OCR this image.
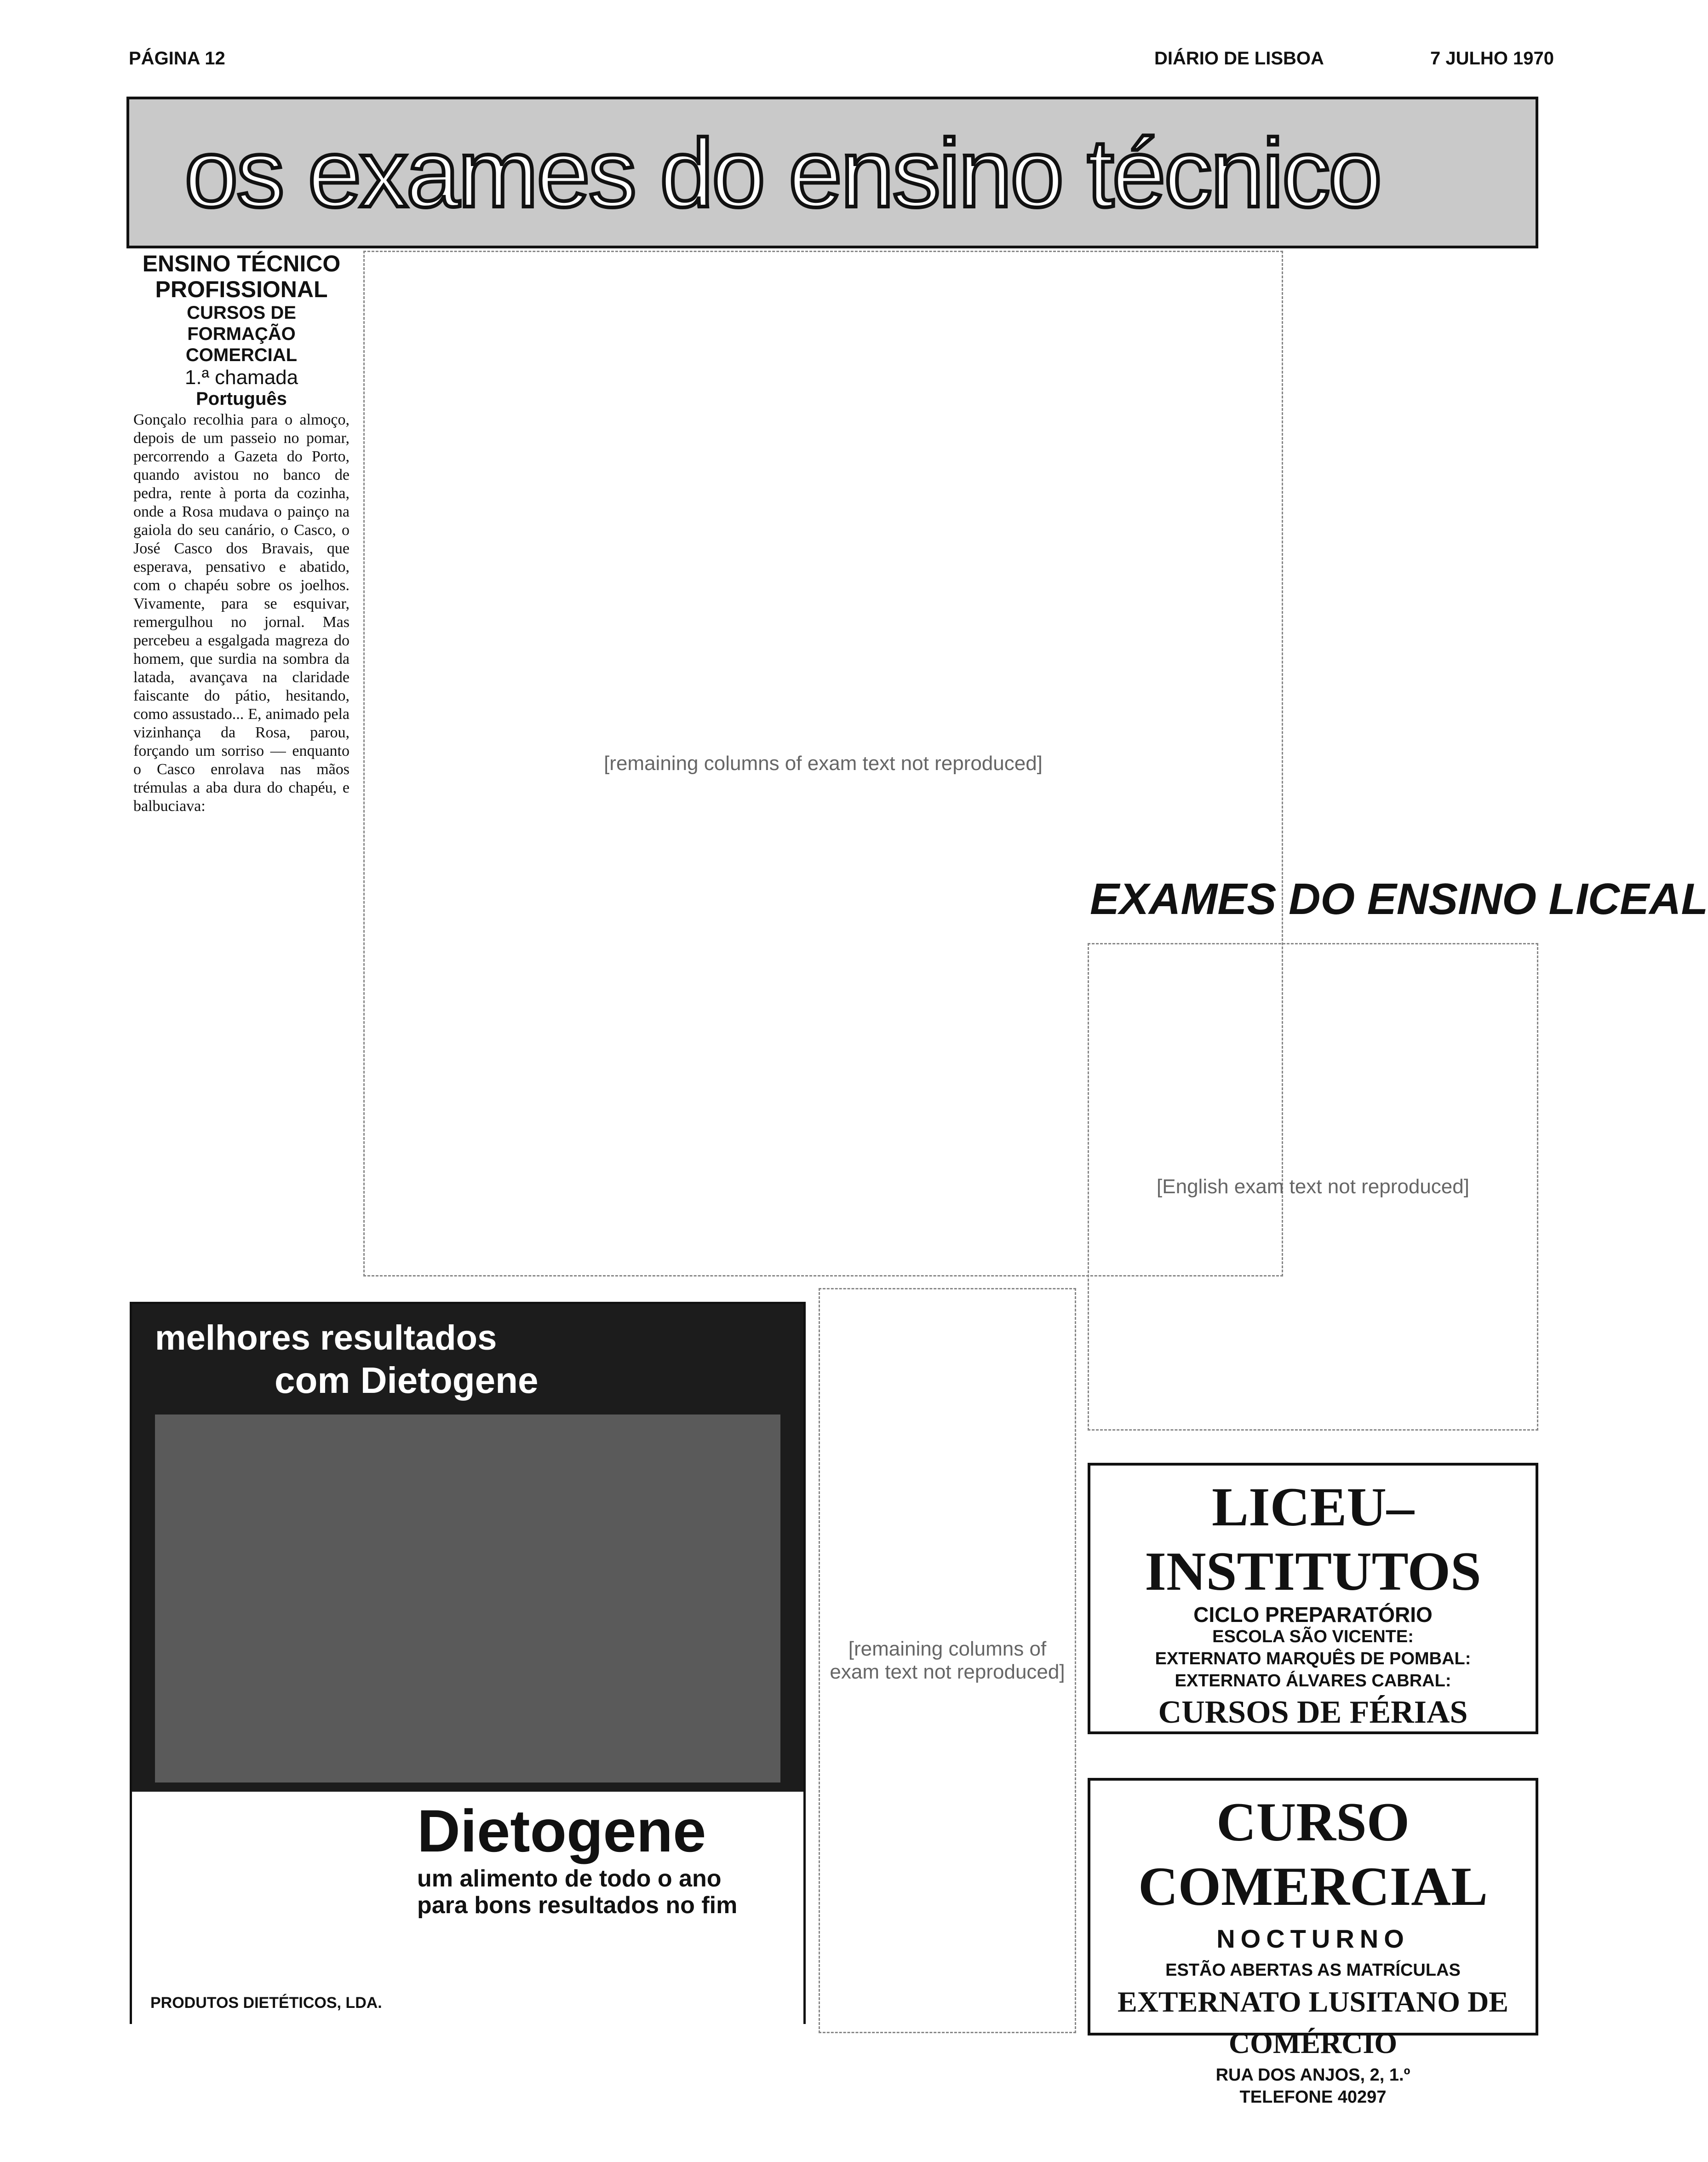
PÁGINA 12	DIÁRIO DE LISBOA	7 JULHO 1970
os exames do ensino técnico
ENSINO TÉCNICO PROFISSIONAL
CURSOS DE FORMAÇÃO COMERCIAL
1.ª chamada
Português

Gonçalo recolhia para o almoço, depois de um passeio no pomar, percorrendo a Gazeta do Porto, quando avistou no banco de pedra, rente à porta da cozinha, onde a Rosa mudava o painço na gaiola do seu canário, o Casco, o José Casco dos Bravais, que esperava, pensativo e abatido, com o chapéu sobre os joelhos. Vivamente, para se esquivar, remergulhou no jornal. Mas percebeu a esgalgada magreza do homem, que surdia na sombra da latada, avançava na claridade faiscante do pátio, hesitando, como assustado... E, animado pela vizinhança da Rosa, parou, forçando um sorriso — enquanto o Casco enrolava nas mãos trémulas a aba dura do chapéu, e balbuciava:

[remaining columns of exam text not reproduced]
melhores resultados
com Dietogene
Dietogene
um alimento de todo o ano para bons resultados no fim
PRODUTOS DIETÉTICOS, LDA.
[remaining columns of exam text not reproduced]
EXAMES DO ENSINO LICEAL
[English exam text not reproduced]
LICEU–INSTITUTOS
CICLO PREPARATÓRIO
ESCOLA SÃO VICENTE:
EXTERNATO MARQUÊS DE POMBAL:
EXTERNATO ÁLVARES CABRAL:
CURSOS DE FÉRIAS
CURSO COMERCIAL
NOCTURNO
ESTÃO ABERTAS AS MATRÍCULAS
EXTERNATO LUSITANO DE COMÉRCIO
RUA DOS ANJOS, 2, 1.º
TELEFONE 40297
